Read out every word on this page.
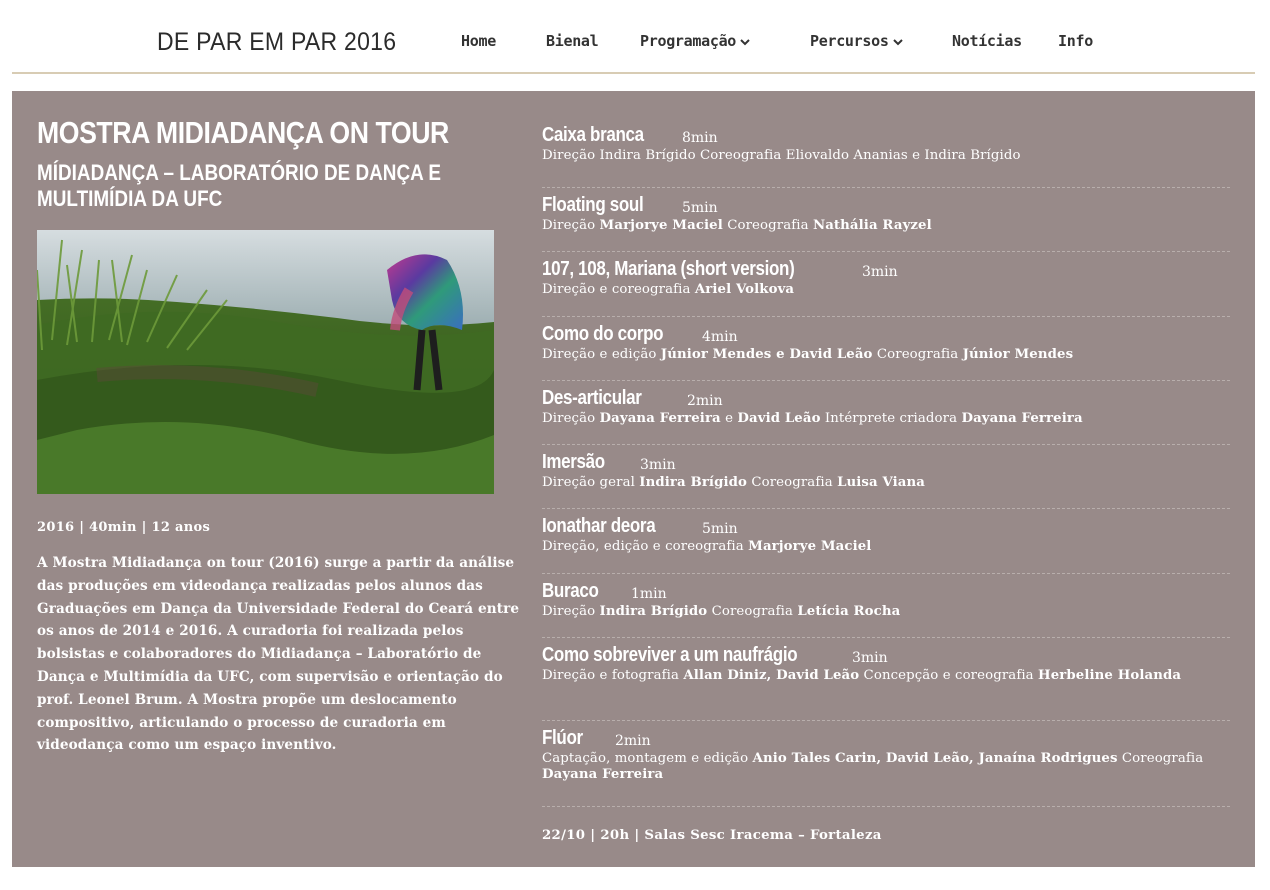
DE PAR EM PAR 2016	Home	Bienal	Programação	Percursos	Notícias Info
MOSTRA MIDIADANÇA ON TOUR
MÍDIADANÇA – LABORATÓRIO DE DANÇA E MULTIMÍDIA DA UFC
2016 | 40min | 12 anos

A Mostra Midiadança on tour (2016) surge a partir da análise das produções em videodança realizadas pelos alunos das Graduações em Dança da Universidade Federal do Ceará entre os anos de 2014 e 2016. A curadoria foi realizada pelos bolsistas e colaboradores do Midiadança – Laboratório de Dança e Multimídia da UFC, com supervisão e orientação do prof. Leonel Brum. A Mostra propõe um deslocamento compositivo, articulando o processo de curadoria em videodança como um espaço inventivo.

Caixa branca	8min
Direção Indira Brígido Coreografia Eliovaldo Ananias e Indira Brígido
Floating soul	5min
Direção Marjorye Maciel Coreografia Nathália Rayzel
107, 108, Mariana (short version)	3min
Direção e coreografia Ariel Volkova
Como do corpo	4min
Direção e edição Júnior Mendes e David Leão Coreografia Júnior Mendes
Des-articular	2min
Direção Dayana Ferreira e David Leão Intérprete criadora Dayana Ferreira
Imersão	3min
Direção geral Indira Brígido Coreografia Luisa Viana
Ionathar deora	5min
Direção, edição e coreografia Marjorye Maciel
Buraco 1min
Direção Indira Brígido Coreografia Letícia Rocha
Como sobreviver a um naufrágio	3min
Direção e fotografia Allan Diniz, David Leão Concepção e coreografia Herbeline Holanda
Flúor 2min
Captação, montagem e edição Anio Tales Carin, David Leão, Janaína Rodrigues Coreografia Dayana Ferreira
22/10 | 20h | Salas Sesc Iracema – Fortaleza
